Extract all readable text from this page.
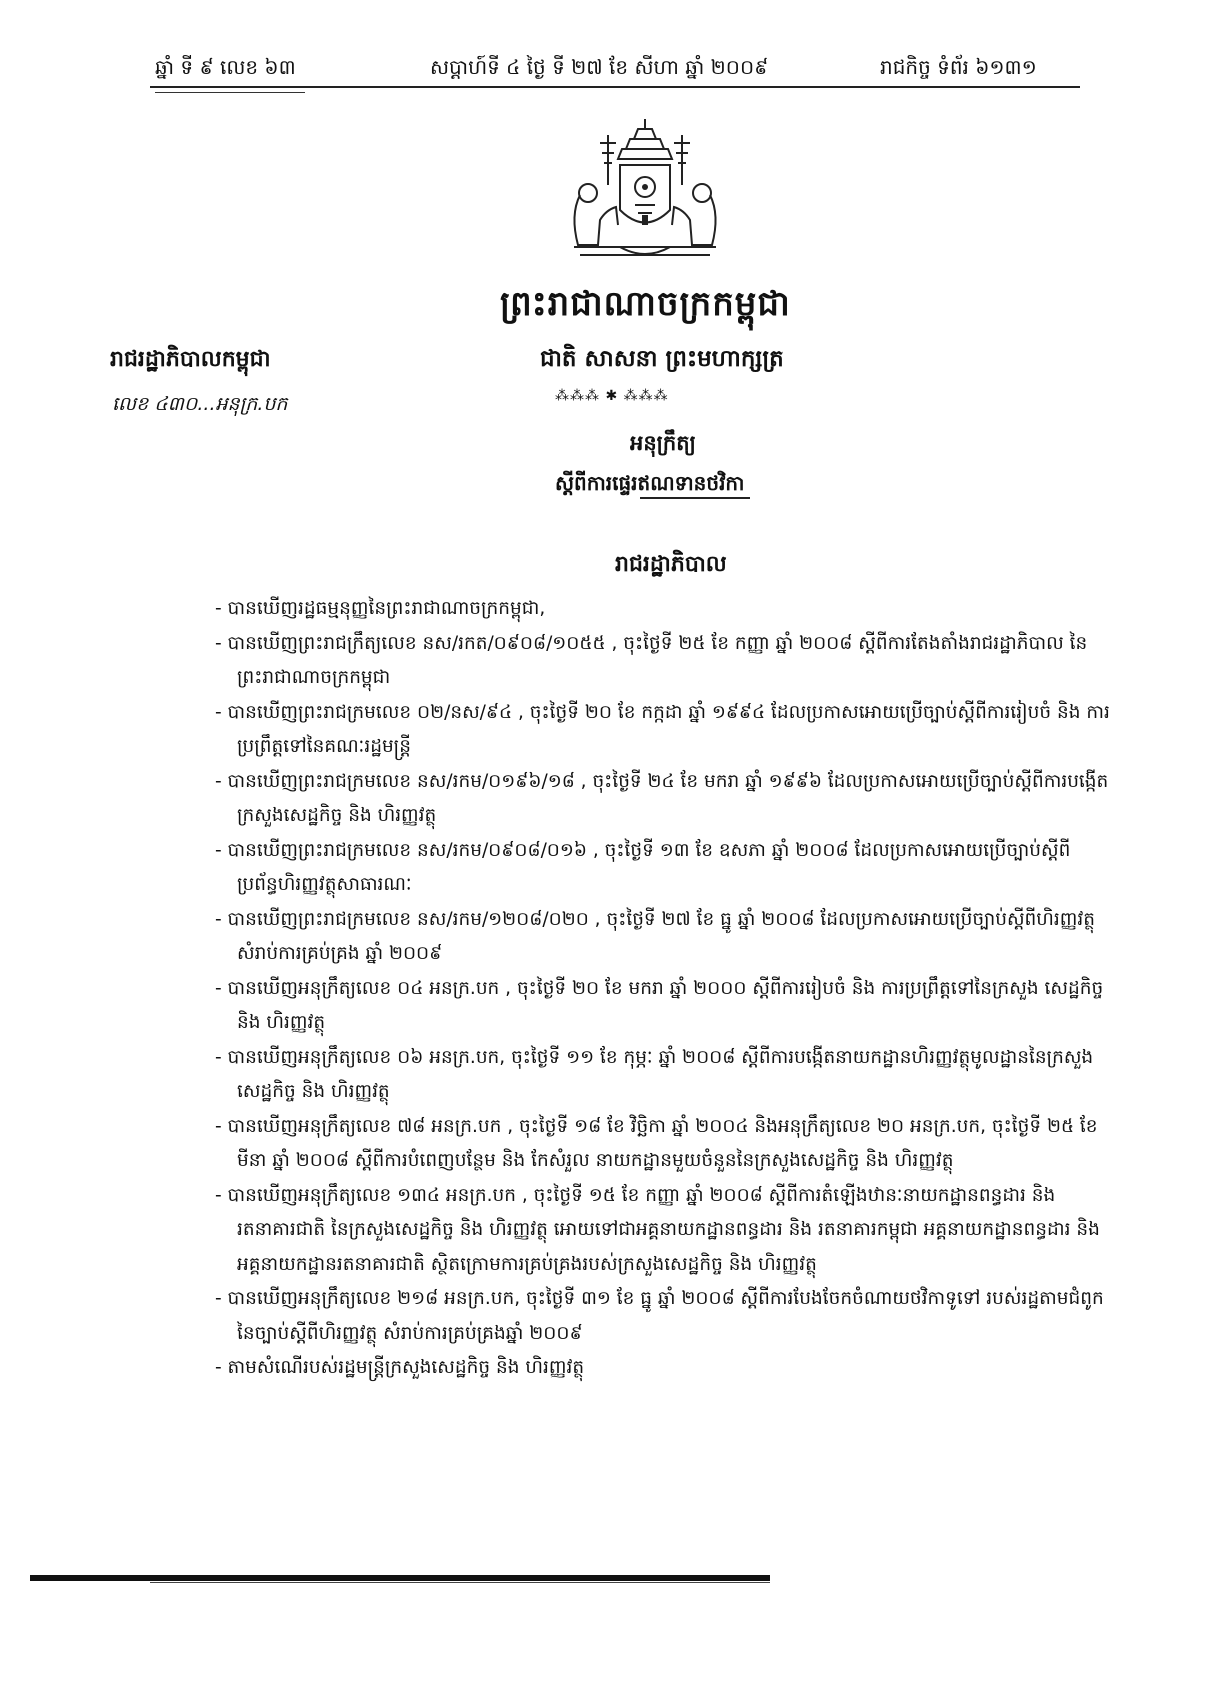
ឆ្នាំ ទី ៩ លេខ ៦៣	សប្តាហ៍ទី ៤ ថ្ងៃ ទី ២៧ ខែ សីហា ឆ្នាំ ២០០៩	រាជកិច្ច ទំព័រ ៦១៣១
ព្រះរាជាណាចក្រកម្ពុជា
ជាតិ សាសនា ព្រះមហាក្សត្រ
⁂⁂⁂ ✱ ⁂⁂⁂
រាជរដ្ឋាភិបាលកម្ពុជា
លេខ ៤៣០...អនុក្រ.បក
អនុក្រឹត្យ
ស្តីពីការផ្ទេរឥណទានថវិកា
រាជរដ្ឋាភិបាល

- បានឃើញរដ្ឋធម្មនុញ្ញនៃព្រះរាជាណាចក្រកម្ពុជា,

- បានឃើញព្រះរាជក្រឹត្យលេខ នស/រកត/០៩០៨/១០៥៥ , ចុះថ្ងៃទី ២៥ ខែ កញ្ញា ឆ្នាំ ២០០៨ ស្តីពីការតែងតាំងរាជរដ្ឋាភិបាល នៃព្រះរាជាណាចក្រកម្ពុជា

- បានឃើញព្រះរាជក្រមលេខ ០២/នស/៩៤ , ចុះថ្ងៃទី ២០ ខែ កក្កដា ឆ្នាំ ១៩៩៤ ដែលប្រកាសអោយប្រើច្បាប់ស្តីពីការរៀបចំ និង ការប្រព្រឹត្តទៅនៃគណៈរដ្ឋមន្ត្រី

- បានឃើញព្រះរាជក្រមលេខ នស/រកម/០១៩៦/១៨ , ចុះថ្ងៃទី ២៤ ខែ មករា ឆ្នាំ ១៩៩៦ ដែលប្រកាសអោយប្រើច្បាប់ស្តីពីការបង្កើតក្រសួងសេដ្ឋកិច្ច និង ហិរញ្ញវត្ថុ

- បានឃើញព្រះរាជក្រមលេខ នស/រកម/០៩០៨/០១៦ , ចុះថ្ងៃទី ១៣ ខែ ឧសភា ឆ្នាំ ២០០៨ ដែលប្រកាសអោយប្រើច្បាប់ស្តីពីប្រព័ន្ធហិរញ្ញវត្ថុសាធារណៈ

- បានឃើញព្រះរាជក្រមលេខ នស/រកម/១២០៨/០២០ , ចុះថ្ងៃទី ២៧ ខែ ធ្នូ ឆ្នាំ ២០០៨ ដែលប្រកាសអោយប្រើច្បាប់ស្តីពីហិរញ្ញវត្ថុ សំរាប់ការគ្រប់គ្រង ឆ្នាំ ២០០៩

- បានឃើញអនុក្រឹត្យលេខ ០៤ អនក្រ.បក , ចុះថ្ងៃទី ២០ ខែ មករា ឆ្នាំ ២០០០ ស្តីពីការរៀបចំ និង ការប្រព្រឹត្តទៅនៃក្រសួង សេដ្ឋកិច្ច និង ហិរញ្ញវត្ថុ

- បានឃើញអនុក្រឹត្យលេខ ០៦ អនក្រ.បក, ចុះថ្ងៃទី ១១ ខែ កុម្ភៈ ឆ្នាំ ២០០៨ ស្តីពីការបង្កើតនាយកដ្ឋានហិរញ្ញវត្ថុមូលដ្ឋាននៃក្រសួងសេដ្ឋកិច្ច និង ហិរញ្ញវត្ថុ

- បានឃើញអនុក្រឹត្យលេខ ៧៨ អនក្រ.បក , ចុះថ្ងៃទី ១៨ ខែ វិច្ឆិកា ឆ្នាំ ២០០៤ និងអនុក្រឹត្យលេខ ២០ អនក្រ.បក, ចុះថ្ងៃទី ២៥ ខែ មីនា ឆ្នាំ ២០០៨ ស្តីពីការបំពេញបន្ថែម និង កែសំរួល នាយកដ្ឋានមួយចំនួននៃក្រសួងសេដ្ឋកិច្ច និង ហិរញ្ញវត្ថុ

- បានឃើញអនុក្រឹត្យលេខ ១៣៤ អនក្រ.បក , ចុះថ្ងៃទី ១៥ ខែ កញ្ញា ឆ្នាំ ២០០៨ ស្តីពីការតំឡើងឋានៈនាយកដ្ឋានពន្ធដារ និង រតនាគារជាតិ នៃក្រសួងសេដ្ឋកិច្ច និង ហិរញ្ញវត្ថុ អោយទៅជាអគ្គនាយកដ្ឋានពន្ធដារ និង រតនាគារកម្ពុជា អគ្គនាយកដ្ឋានពន្ធដារ និង អគ្គនាយកដ្ឋានរតនាគារជាតិ ស្ថិតក្រោមការគ្រប់គ្រងរបស់ក្រសួងសេដ្ឋកិច្ច និង ហិរញ្ញវត្ថុ

- បានឃើញអនុក្រឹត្យលេខ ២១៨ អនក្រ.បក, ចុះថ្ងៃទី ៣១ ខែ ធ្នូ ឆ្នាំ ២០០៨ ស្តីពីការបែងចែកចំណាយថវិកាទូទៅ របស់រដ្ឋតាមជំពូកនៃច្បាប់ស្តីពីហិរញ្ញវត្ថុ សំរាប់ការគ្រប់គ្រងឆ្នាំ ២០០៩

- តាមសំណើរបស់រដ្ឋមន្ត្រីក្រសួងសេដ្ឋកិច្ច និង ហិរញ្ញវត្ថុ
